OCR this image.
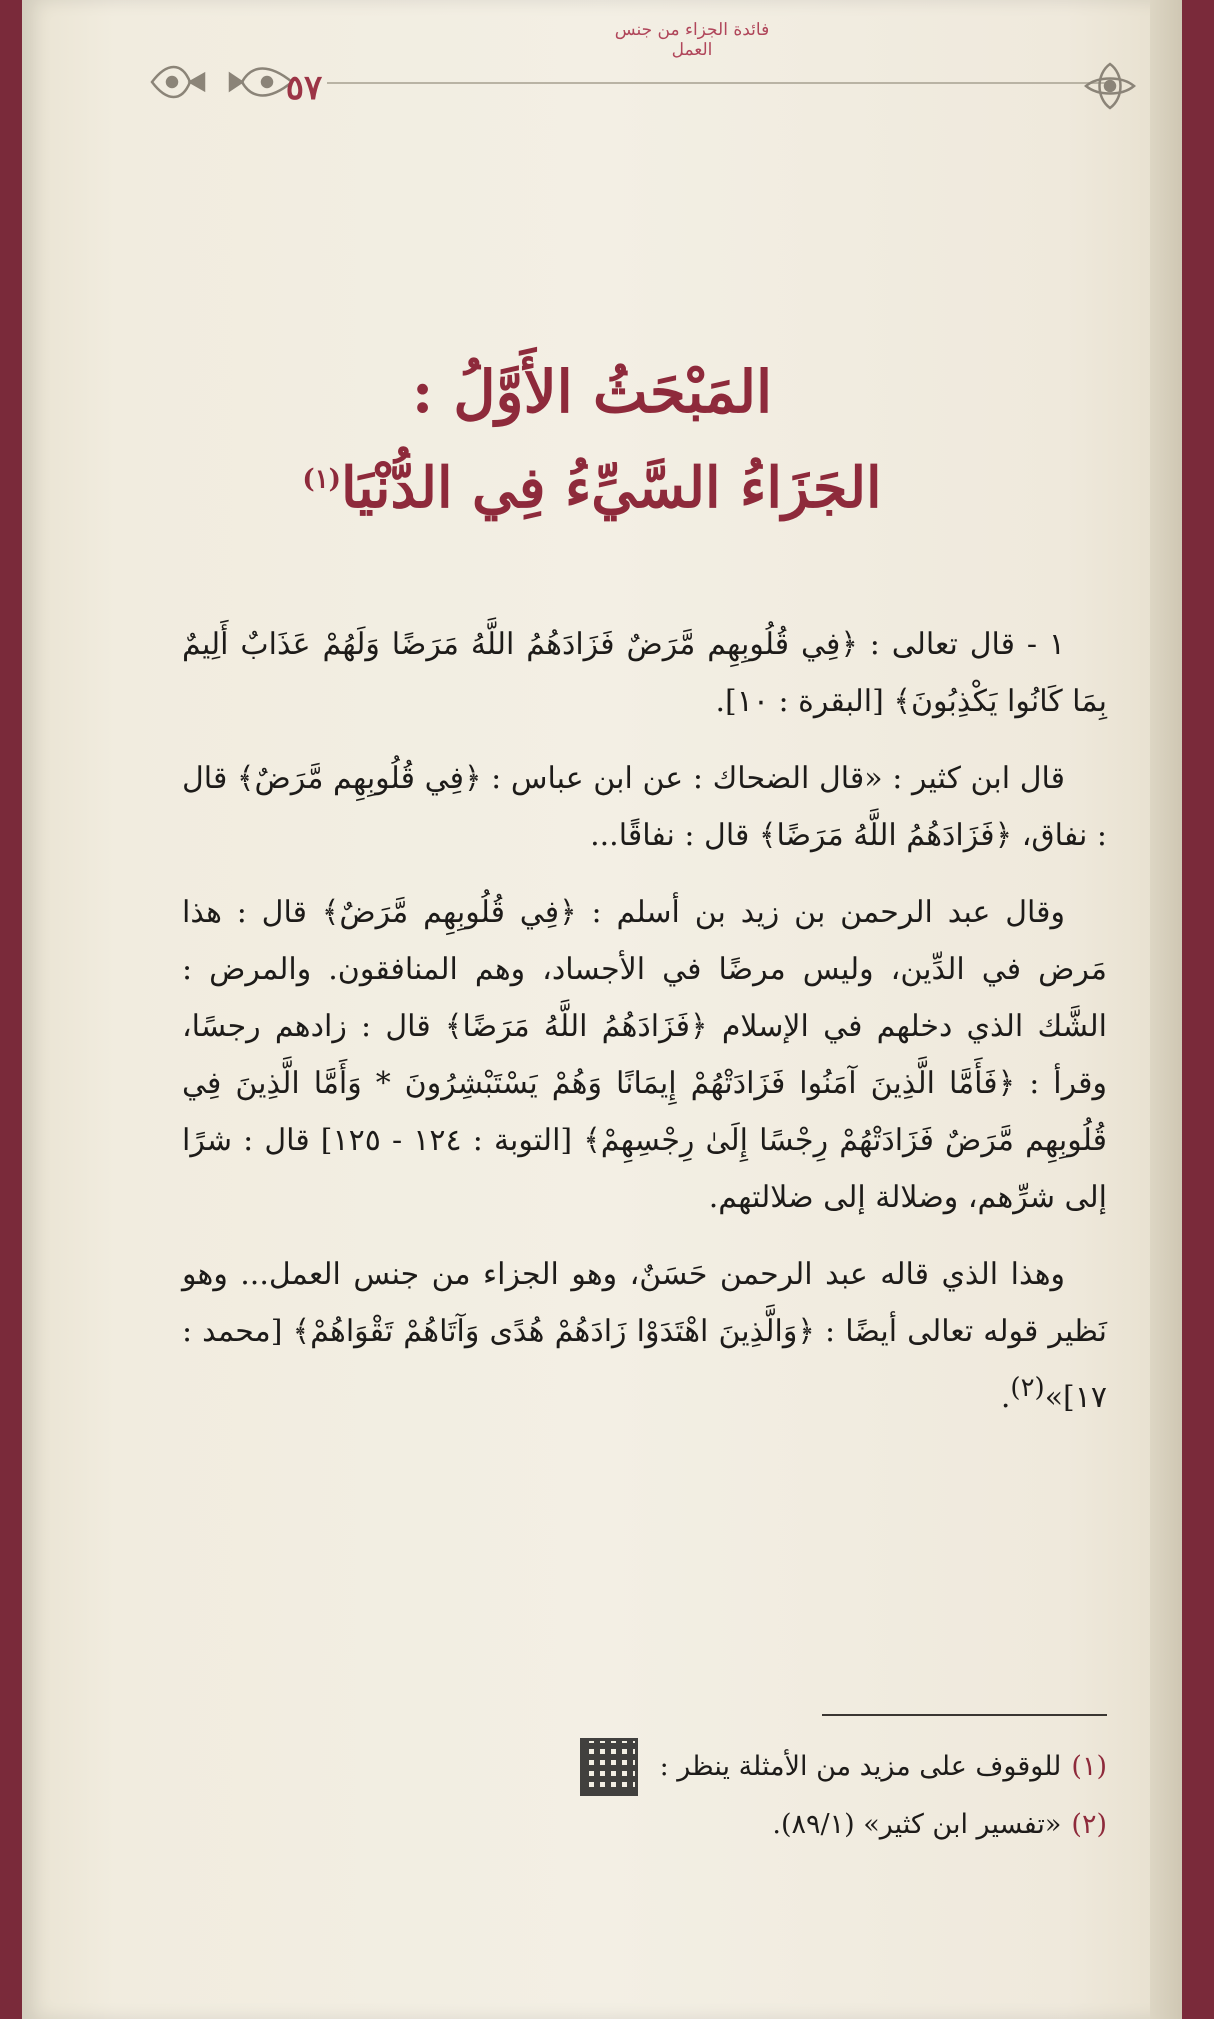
فائدة الجزاء من جنس العمل
٥٧
المَبْحَثُ الأَوَّلُ :
الجَزَاءُ السَّيِّءُ فِي الدُّنْيَا$^{(١)}$

١ - قال تعالى : ﴿فِي قُلُوبِهِم مَّرَضٌ فَزَادَهُمُ اللَّهُ مَرَضًا وَلَهُمْ عَذَابٌ أَلِيمٌ بِمَا كَانُوا يَكْذِبُونَ﴾ [البقرة : ١٠].

قال ابن كثير : «قال الضحاك : عن ابن عباس : ﴿فِي قُلُوبِهِم مَّرَضٌ﴾ قال : نفاق، ﴿فَزَادَهُمُ اللَّهُ مَرَضًا﴾ قال : نفاقًا...

وقال عبد الرحمن بن زيد بن أسلم : ﴿فِي قُلُوبِهِم مَّرَضٌ﴾ قال : هذا مَرض في الدِّين، وليس مرضًا في الأجساد، وهم المنافقون. والمرض : الشَّك الذي دخلهم في الإسلام ﴿فَزَادَهُمُ اللَّهُ مَرَضًا﴾ قال : زادهم رجسًا، وقرأ : ﴿فَأَمَّا الَّذِينَ آمَنُوا فَزَادَتْهُمْ إِيمَانًا وَهُمْ يَسْتَبْشِرُونَ * وَأَمَّا الَّذِينَ فِي قُلُوبِهِم مَّرَضٌ فَزَادَتْهُمْ رِجْسًا إِلَىٰ رِجْسِهِمْ﴾ [التوبة : ١٢٤ - ١٢٥] قال : شرًا إلى شرِّهم، وضلالة إلى ضلالتهم.

وهذا الذي قاله عبد الرحمن حَسَنٌ، وهو الجزاء من جنس العمل... وهو نَظير قوله تعالى أيضًا : ﴿وَالَّذِينَ اهْتَدَوْا زَادَهُمْ هُدًى وَآتَاهُمْ تَقْوَاهُمْ﴾ [محمد : ١٧]»(٢).

(١)
للوقوف على مزيد من الأمثلة ينظر :
(٢)
«تفسير ابن كثير» (٨٩/١).
